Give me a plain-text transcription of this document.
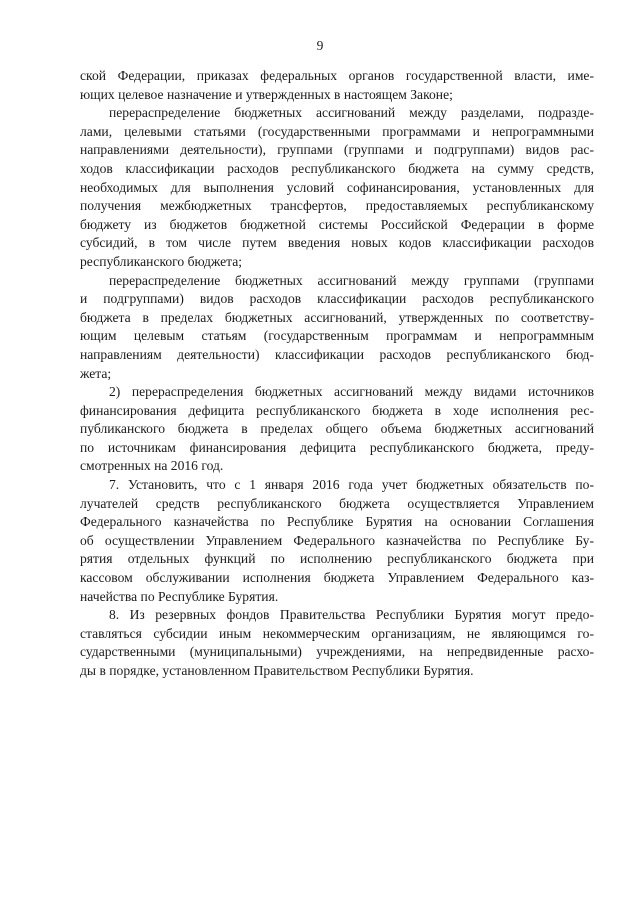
9

ской Федерации, приказах федеральных органов государственной власти, име-
ющих целевое назначение и утвержденных в настоящем Законе;
перераспределение бюджетных ассигнований между разделами, подразде-
лами, целевыми статьями (государственными программами и непрограммными
направлениями деятельности), группами (группами и подгруппами) видов рас-
ходов классификации расходов республиканского бюджета на сумму средств,
необходимых для выполнения условий софинансирования, установленных для
получения межбюджетных трансфертов, предоставляемых республиканскому
бюджету из бюджетов бюджетной системы Российской Федерации в форме
субсидий, в том числе путем введения новых кодов классификации расходов
республиканского бюджета;
перераспределение бюджетных ассигнований между группами (группами
и подгруппами) видов расходов классификации расходов республиканского
бюджета в пределах бюджетных ассигнований, утвержденных по соответству-
ющим целевым статьям (государственным программам и непрограммным
направлениям деятельности) классификации расходов республиканского бюд-
жета;
2) перераспределения бюджетных ассигнований между видами источников
финансирования дефицита республиканского бюджета в ходе исполнения рес-
публиканского бюджета в пределах общего объема бюджетных ассигнований
по источникам финансирования дефицита республиканского бюджета, преду-
смотренных на 2016 год.
7. Установить, что с 1 января 2016 года учет бюджетных обязательств по-
лучателей средств республиканского бюджета осуществляется Управлением
Федерального казначейства по Республике Бурятия на основании Соглашения
об осуществлении Управлением Федерального казначейства по Республике Бу-
рятия отдельных функций по исполнению республиканского бюджета при
кассовом обслуживании исполнения бюджета Управлением Федерального каз-
начейства по Республике Бурятия.
8. Из резервных фондов Правительства Республики Бурятия могут предо-
ставляться субсидии иным некоммерческим организациям, не являющимся го-
сударственными (муниципальными) учреждениями, на непредвиденные расхо-
ды в порядке, установленном Правительством Республики Бурятия.
